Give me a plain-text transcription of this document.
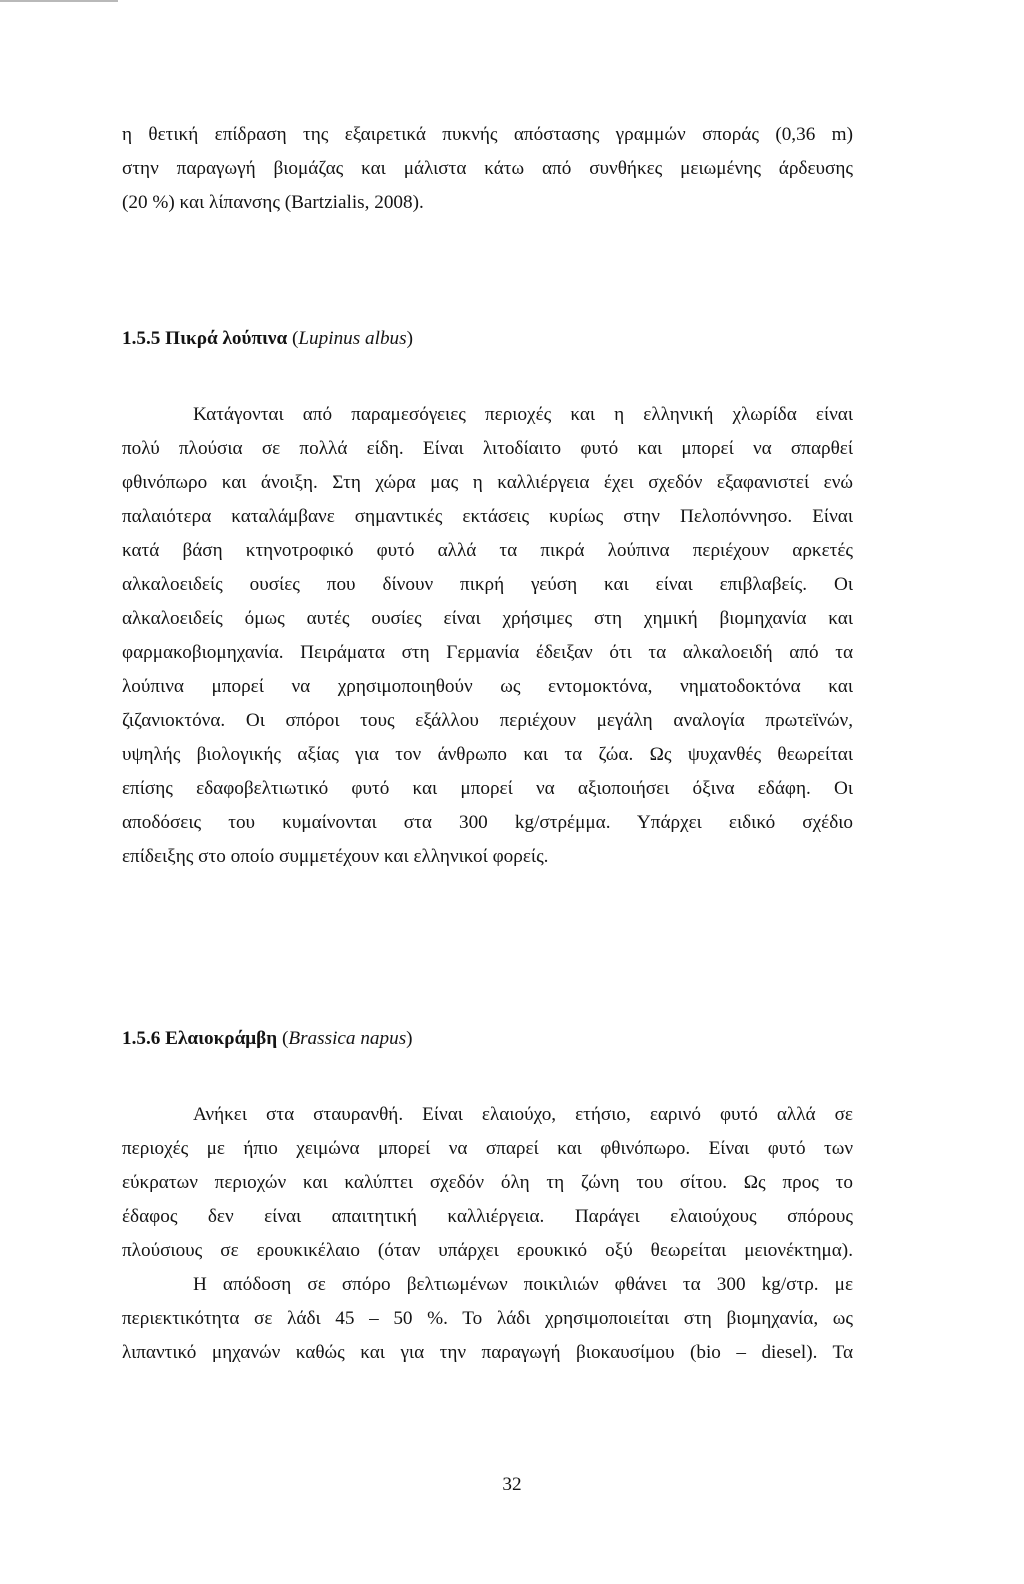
η θετική επίδραση της εξαιρετικά πυκνής απόστασης γραμμών σποράς (0,36 m)
στην παραγωγή βιομάζας και μάλιστα κάτω από συνθήκες μειωμένης άρδευσης
(20 %) και λίπανσης (Bartzialis, 2008).
1.5.5 Πικρά λούπινα (Lupinus albus)
Κατάγονται από παραμεσόγειες περιοχές και η ελληνική χλωρίδα είναι
πολύ πλούσια σε πολλά είδη. Είναι λιτοδίαιτο φυτό και μπορεί να σπαρθεί
φθινόπωρο και άνοιξη. Στη χώρα μας η καλλιέργεια έχει σχεδόν εξαφανιστεί ενώ
παλαιότερα καταλάμβανε σημαντικές εκτάσεις κυρίως στην Πελοπόννησο. Είναι
κατά βάση κτηνοτροφικό φυτό αλλά τα πικρά λούπινα περιέχουν αρκετές
αλκαλοειδείς ουσίες που δίνουν πικρή γεύση και είναι επιβλαβείς. Οι
αλκαλοειδείς όμως αυτές ουσίες είναι χρήσιμες στη χημική βιομηχανία και
φαρμακοβιομηχανία. Πειράματα στη Γερμανία έδειξαν ότι τα αλκαλοειδή από τα
λούπινα μπορεί να χρησιμοποιηθούν ως εντομοκτόνα, νηματοδοκτόνα και
ζιζανιοκτόνα. Οι σπόροι τους εξάλλου περιέχουν μεγάλη αναλογία πρωτεϊνών,
υψηλής βιολογικής αξίας για τον άνθρωπο και τα ζώα. Ως ψυχανθές θεωρείται
επίσης εδαφοβελτιωτικό φυτό και μπορεί να αξιοποιήσει όξινα εδάφη. Οι
αποδόσεις του κυμαίνονται στα 300 kg/στρέμμα. Υπάρχει ειδικό σχέδιο
επίδειξης στο οποίο συμμετέχουν και ελληνικοί φορείς.
1.5.6 Ελαιοκράμβη (Brassica napus)
Ανήκει στα σταυρανθή. Είναι ελαιούχο, ετήσιο, εαρινό φυτό αλλά σε
περιοχές με ήπιο χειμώνα μπορεί να σπαρεί και φθινόπωρο. Είναι φυτό των
εύκρατων περιοχών και καλύπτει σχεδόν όλη τη ζώνη του σίτου. Ως προς το
έδαφος δεν είναι απαιτητική καλλιέργεια. Παράγει ελαιούχους σπόρους
πλούσιους σε ερουκικέλαιο (όταν υπάρχει ερουκικό οξύ θεωρείται μειονέκτημα).
Η απόδοση σε σπόρο βελτιωμένων ποικιλιών φθάνει τα 300 kg/στρ. με
περιεκτικότητα σε λάδι 45 – 50 %. Το λάδι χρησιμοποιείται στη βιομηχανία, ως
λιπαντικό μηχανών καθώς και για την παραγωγή βιοκαυσίμου (bio – diesel). Τα
32
